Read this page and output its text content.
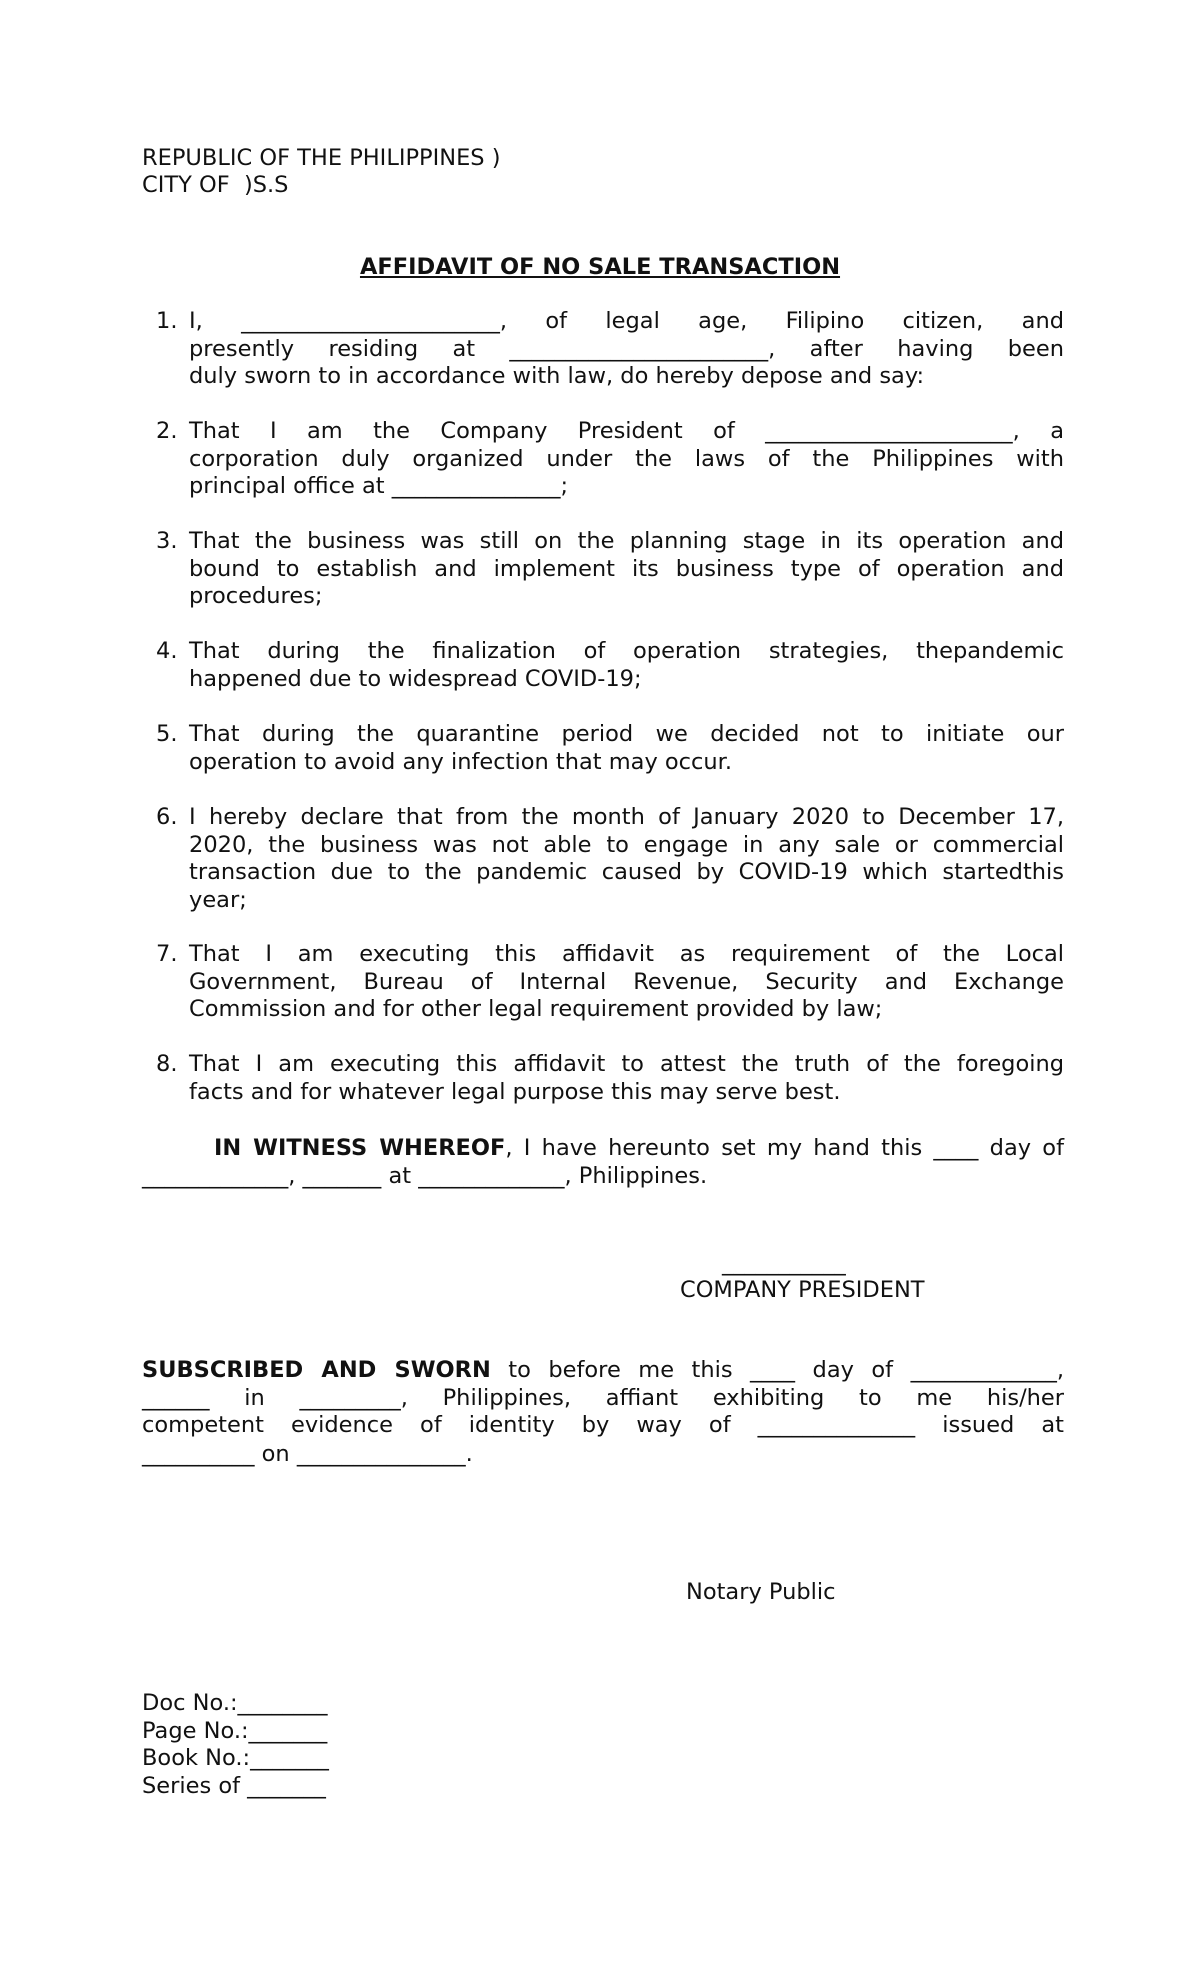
REPUBLIC OF THE PHILIPPINES )
CITY OF  )S.S
AFFIDAVIT OF NO SALE TRANSACTION
1. I, _______________________, of legal age, Filipino citizen, and
presently residing at _______________________, after having been
duly sworn to in accordance with law, do hereby depose and say:
2. That I am the Company President of ______________________, a
corporation duly organized under the laws of the Philippines with
principal office at _______________;
3. That the business was still on the planning stage in its operation and
bound to establish and implement its business type of operation and
procedures;
4. That during the finalization of operation strategies, thepandemic
happened due to widespread COVID-19;
5. That during the quarantine period we decided not to initiate our
operation to avoid any infection that may occur.
6. I hereby declare that from the month of January 2020 to December 17,
2020, the business was not able to engage in any sale or commercial
transaction due to the pandemic caused by COVID-19 which startedthis
year;
7. That I am executing this affidavit as requirement of the Local
Government, Bureau of Internal Revenue, Security and Exchange
Commission and for other legal requirement provided by law;
8. That I am executing this affidavit to attest the truth of the foregoing
facts and for whatever legal purpose this may serve best.
IN WITNESS WHEREOF, I have hereunto set my hand this ____ day of
_____________, _______ at _____________, Philippines.
___________
COMPANY PRESIDENT
SUBSCRIBED AND SWORN to before me this ____ day of _____________,
______ in _________, Philippines, affiant exhibiting to me his/her
competent evidence of identity by way of ______________ issued at
__________ on _______________.
Notary Public
Doc No.:________
Page No.:_______
Book No.:_______
Series of _______
